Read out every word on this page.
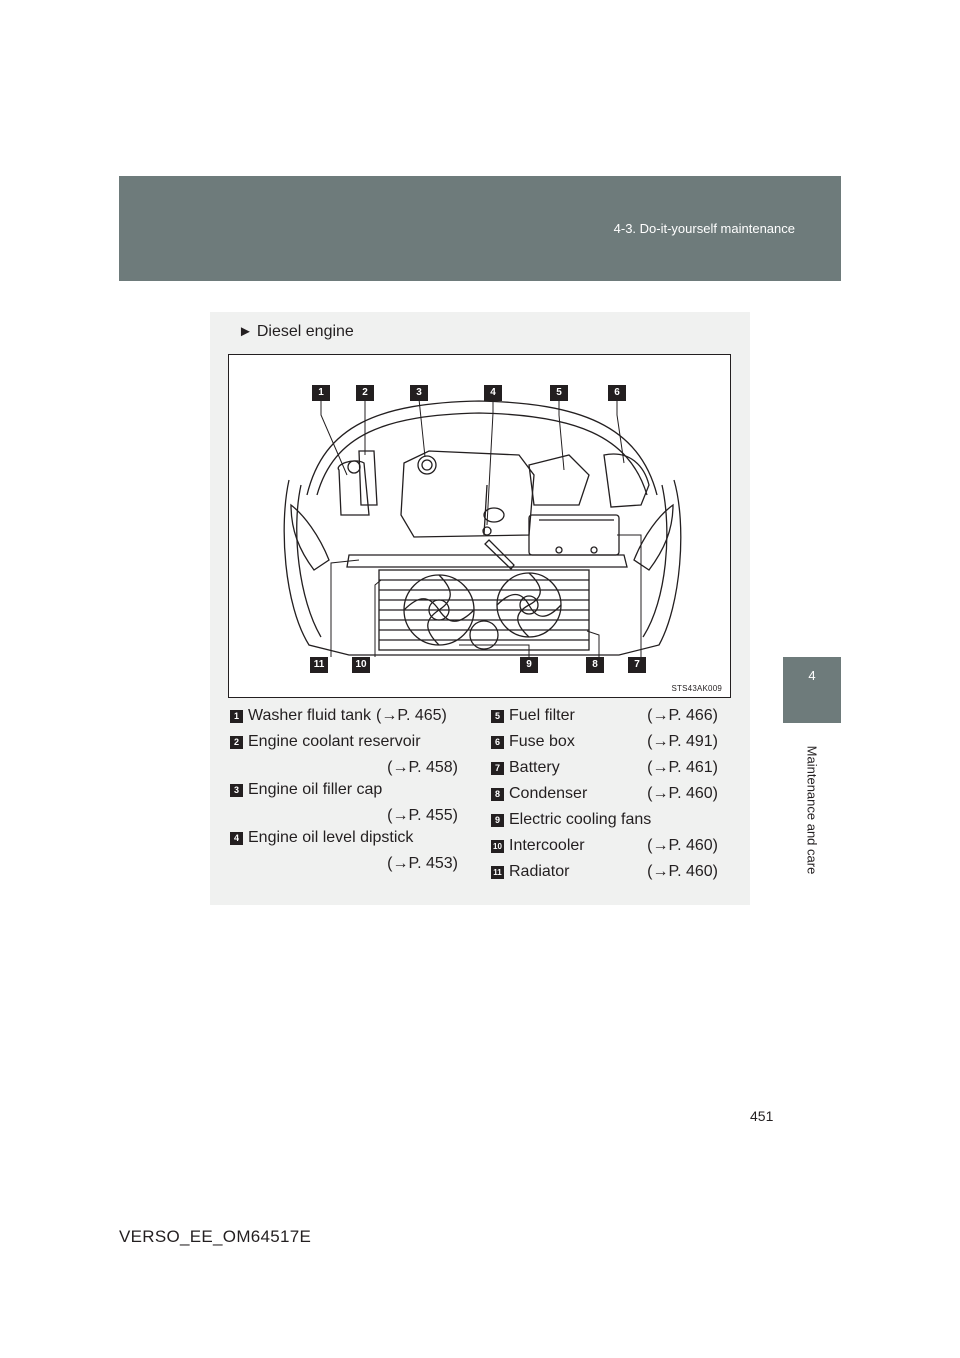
4-3. Do-it-yourself maintenance
4
Maintenance and care
► Diesel engine
1	2	3	4	5	6
11	10	9	8	7
STS43AK009
1 Washer fluid tank (→P. 465)
2 Engine coolant reservoir
(→P. 458)
3 Engine oil filler cap
(→P. 455)
4 Engine oil level dipstick
(→P. 453)
5 Fuel filter	(→P. 466)
6 Fuse box	(→P. 491)
7 Battery	(→P. 461)
8 Condenser	(→P. 460)
9 Electric cooling fans
10 Intercooler	(→P. 460)
11 Radiator	(→P. 460)
451
VERSO_EE_OM64517E
